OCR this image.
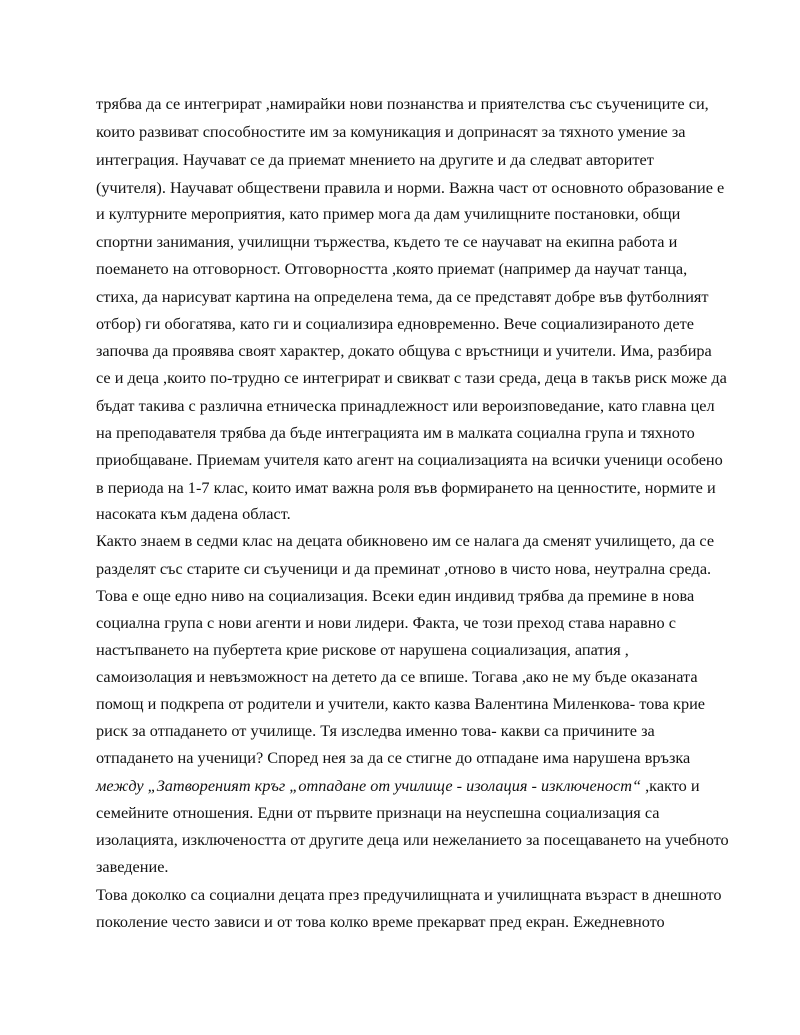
трябва да се интегрират ,намирайки нови познанства и приятелства със съучениците си,
които развиват способностите им за комуникация и допринасят за тяхното умение за
интеграция. Научават се да приемат мнението на другите и да следват авторитет
(учителя). Научават обществени правила и норми. Важна част от основното образование е
и културните мероприятия, като пример мога да дам училищните постановки, общи
спортни занимания, училищни тържества, където те се научават на екипна работа и
поемането на отговорност. Отговорността ,която приемат (например да научат танца,
стиха, да нарисуват картина на определена тема, да се представят добре във футболният
отбор) ги обогатява, като ги и социализира едновременно. Вече социализираното дете
започва да проявява своят характер, докато общува с връстници и учители. Има, разбира
се и деца ,които по-трудно се интегрират и свикват с тази среда, деца в такъв риск може да
бъдат такива с различна етническа принадлежност или вероизповедание, като главна цел
на преподавателя трябва да бъде интеграцията им в малката социална група и тяхното
приобщаване. Приемам учителя като агент на социализацията на всички ученици особено
в периода на 1-7 клас, които имат важна роля във формирането на ценностите, нормите и
насоката към дадена област.
Както знаем в седми клас на децата обикновено им се налага да сменят училището, да се
разделят със старите си съученици и да преминат ,отново в чисто нова, неутрална среда.
Това е още едно ниво на социализация. Всеки един индивид трябва да премине в нова
социална група с нови агенти и нови лидери. Факта, че този преход става наравно с
настъпването на пубертета крие рискове от нарушена социализация, апатия ,
самоизолация и невъзможност на детето да се впише. Тогава ,ако не му бъде оказаната
помощ и подкрепа от родители и учители, както казва Валентина Миленкова- това крие
риск за отпадането от училище. Тя изследва именно това- какви са причините за
отпадането на ученици? Според нея за да се стигне до отпадане има нарушена връзка
между „Затвореният кръг „отпадане от училище - изолация - изключеност“ ,както и
семейните отношения. Едни от първите признаци на неуспешна социализация са
изолацията, изключеността от другите деца или нежеланието за посещаването на учебното
заведение.
Това доколко са социални децата през предучилищната и училищната възраст в днешното
поколение често зависи и от това колко време прекарват пред екран. Ежедневното
